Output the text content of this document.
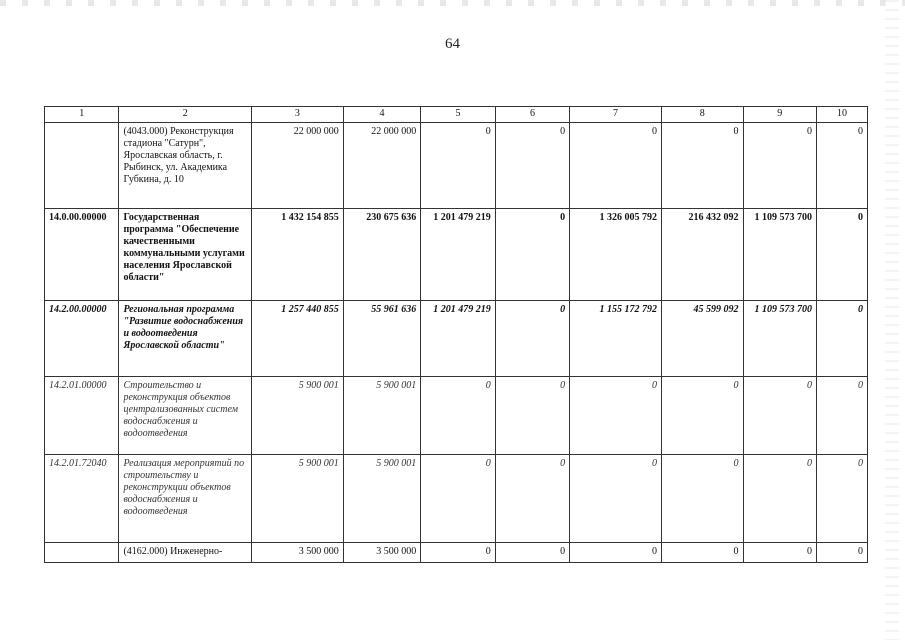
64
1	2	3	4	5	6	7	8	9	10
	(4043.000) Реконструкция стадиона "Сатурн", Ярославская область, г. Рыбинск, ул. Академика Губкина, д. 10	22 000 000	22 000 000	0	0	0	0	0	0
14.0.00.00000	Государственная программа "Обеспечение качественными коммунальными услугами населения Ярославской области"	1 432 154 855	230 675 636	1 201 479 219	0	1 326 005 792	216 432 092	1 109 573 700	0
14.2.00.00000	Региональная программа "Развитие водоснабжения и водоотведения Ярославской области"	1 257 440 855	55 961 636	1 201 479 219	0	1 155 172 792	45 599 092	1 109 573 700	0
14.2.01.00000	Строительство и реконструкция объектов централизованных систем водоснабжения и водоотведения	5 900 001	5 900 001	0	0	0	0	0	0
14.2.01.72040	Реализация мероприятий по строительству и реконструкции объектов водоснабжения и водоотведения	5 900 001	5 900 001	0	0	0	0	0	0
	(4162.000) Инженерно-	3 500 000	3 500 000	0	0	0	0	0	0
